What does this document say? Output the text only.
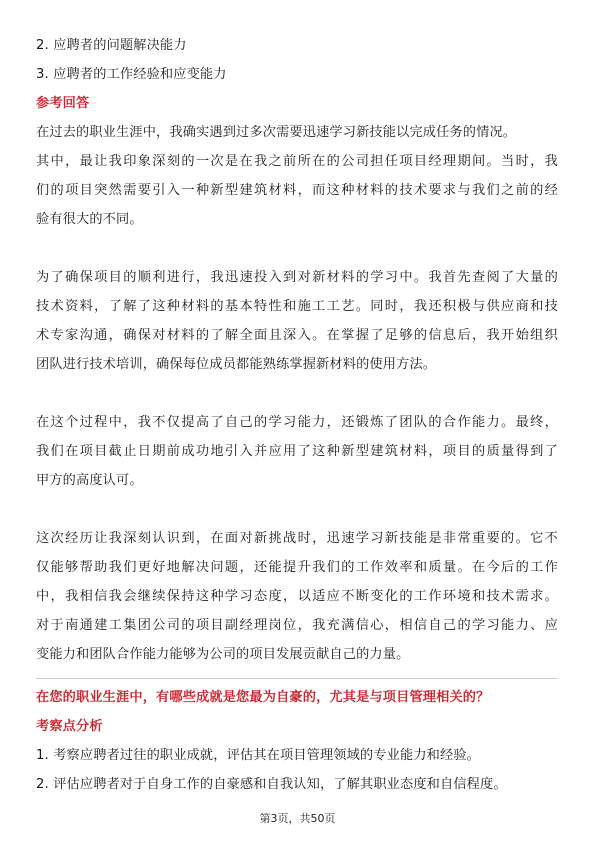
2. 应聘者的问题解决能力
3. 应聘者的工作经验和应变能力
参考回答
在过去的职业生涯中，我确实遇到过多次需要迅速学习新技能以完成任务的情况。
其中，最让我印象深刻的一次是在我之前所在的公司担任项目经理期间。当时，我
们的项目突然需要引入一种新型建筑材料，而这种材料的技术要求与我们之前的经
验有很大的不同。
为了确保项目的顺利进行，我迅速投入到对新材料的学习中。我首先查阅了大量的
技术资料，了解了这种材料的基本特性和施工工艺。同时，我还积极与供应商和技
术专家沟通，确保对材料的了解全面且深入。在掌握了足够的信息后，我开始组织
团队进行技术培训，确保每位成员都能熟练掌握新材料的使用方法。
在这个过程中，我不仅提高了自己的学习能力，还锻炼了团队的合作能力。最终，
我们在项目截止日期前成功地引入并应用了这种新型建筑材料，项目的质量得到了
甲方的高度认可。
这次经历让我深刻认识到，在面对新挑战时，迅速学习新技能是非常重要的。它不
仅能够帮助我们更好地解决问题，还能提升我们的工作效率和质量。在今后的工作
中，我相信我会继续保持这种学习态度，以适应不断变化的工作环境和技术需求。
对于南通建工集团公司的项目副经理岗位，我充满信心，相信自己的学习能力、应
变能力和团队合作能力能够为公司的项目发展贡献自己的力量。
在您的职业生涯中，有哪些成就是您最为自豪的，尤其是与项目管理相关的？
考察点分析
1. 考察应聘者过往的职业成就，评估其在项目管理领域的专业能力和经验。
2. 评估应聘者对于自身工作的自豪感和自我认知，了解其职业态度和自信程度。
第3页，共50页
